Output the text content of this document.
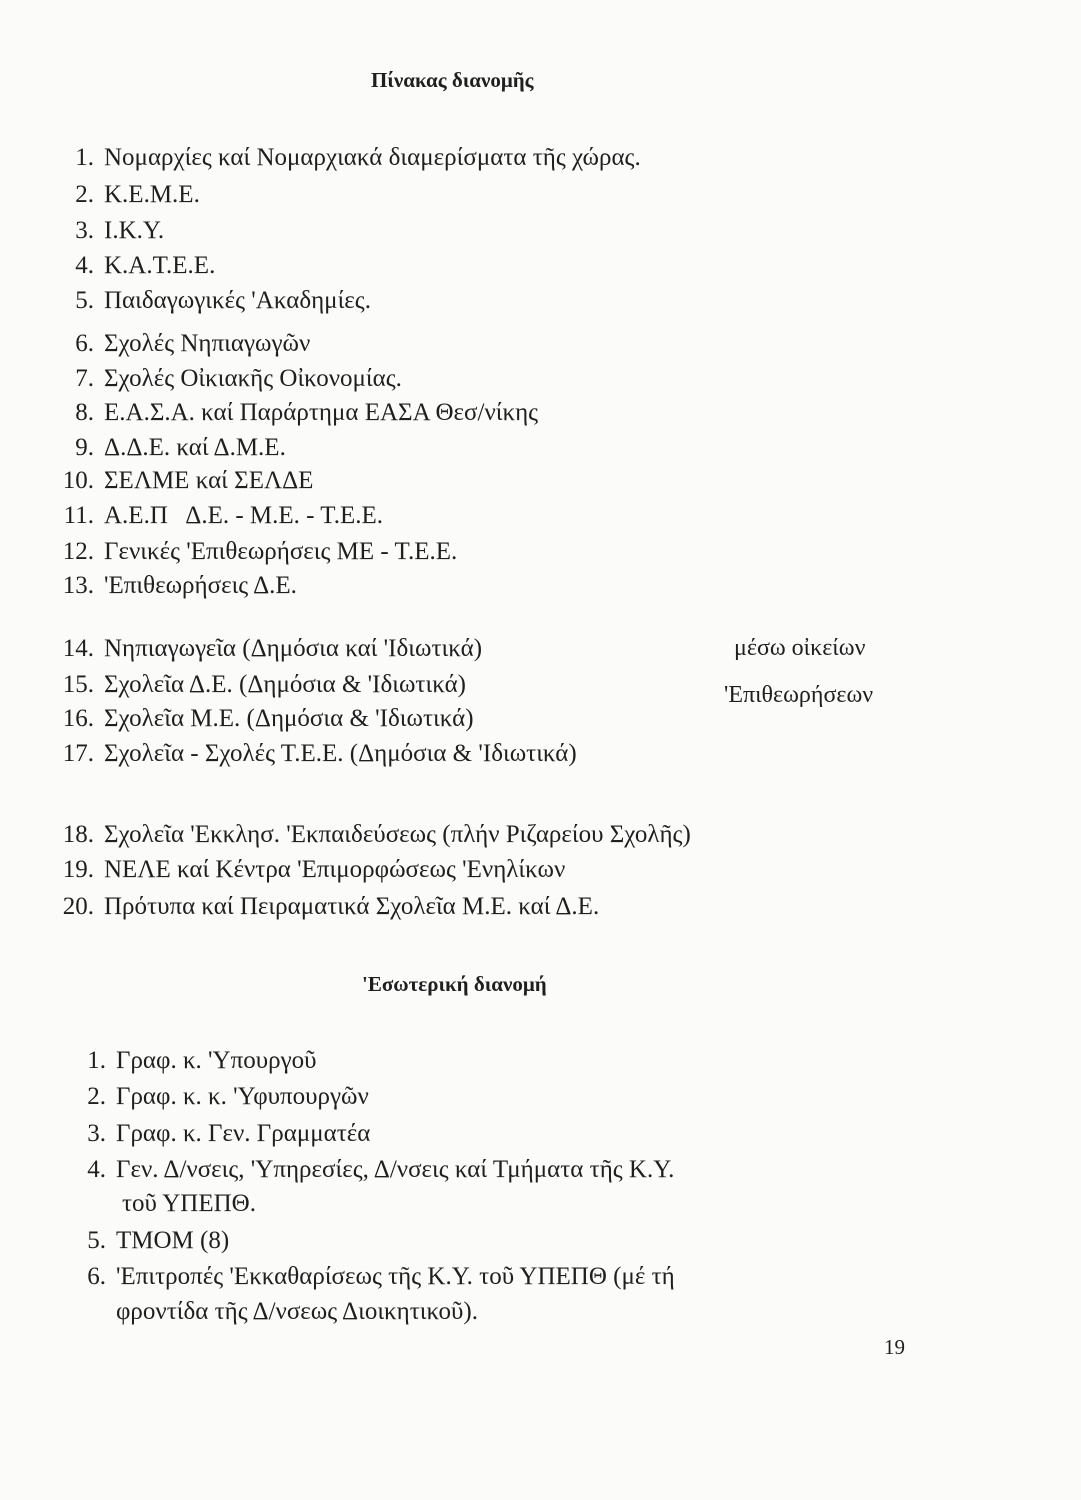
Πίνακας διανομῆς
1. Νομαρχίες καί Νομαρχιακά διαμερίσματα τῆς χώρας.
2. Κ.Ε.Μ.Ε.
3. Ι.Κ.Υ.
4. Κ.Α.Τ.Ε.Ε.
5. Παιδαγωγικές 'Ακαδημίες.
6. Σχολές Νηπιαγωγῶν
7. Σχολές Οἰκιακῆς Οἰκονομίας.
8. Ε.Α.Σ.Α. καί Παράρτημα ΕΑΣΑ Θεσ/νίκης
9. Δ.Δ.Ε. καί Δ.Μ.Ε.
10. ΣΕΛΜΕ καί ΣΕΛΔΕ
11. Α.Ε.Π   Δ.Ε. - Μ.Ε. - Τ.Ε.Ε.
12. Γενικές 'Επιθεωρήσεις ΜΕ - Τ.Ε.Ε.
13. 'Επιθεωρήσεις Δ.Ε.
14. Νηπιαγωγεῖα (Δημόσια καί 'Ιδιωτικά)
15. Σχολεῖα Δ.Ε. (Δημόσια & 'Ιδιωτικά)
16. Σχολεῖα Μ.Ε. (Δημόσια & 'Ιδιωτικά)
17. Σχολεῖα - Σχολές Τ.Ε.Ε. (Δημόσια & 'Ιδιωτικά)
μέσω οἰκείων
'Επιθεωρήσεων
18. Σχολεῖα 'Εκκλησ. 'Εκπαιδεύσεως (πλήν Ριζαρείου Σχολῆς)
19. ΝΕΛΕ καί Κέντρα 'Επιμορφώσεως 'Ενηλίκων
20. Πρότυπα καί Πειραματικά Σχολεῖα Μ.Ε. καί Δ.Ε.
'Εσωτερική διανομή
1. Γραφ. κ. 'Υπουργοῦ
2. Γραφ. κ. κ. 'Υφυπουργῶν
3. Γραφ. κ. Γεν. Γραμματέα
4. Γεν. Δ/νσεις, 'Υπηρεσίες, Δ/νσεις καί Τμήματα τῆς Κ.Υ.
τοῦ ΥΠΕΠΘ.
5. ΤΜΟΜ (8)
6. 'Επιτροπές 'Εκκαθαρίσεως τῆς Κ.Υ. τοῦ ΥΠΕΠΘ (μέ τή
φροντίδα τῆς Δ/νσεως Διοικητικοῦ).
19
